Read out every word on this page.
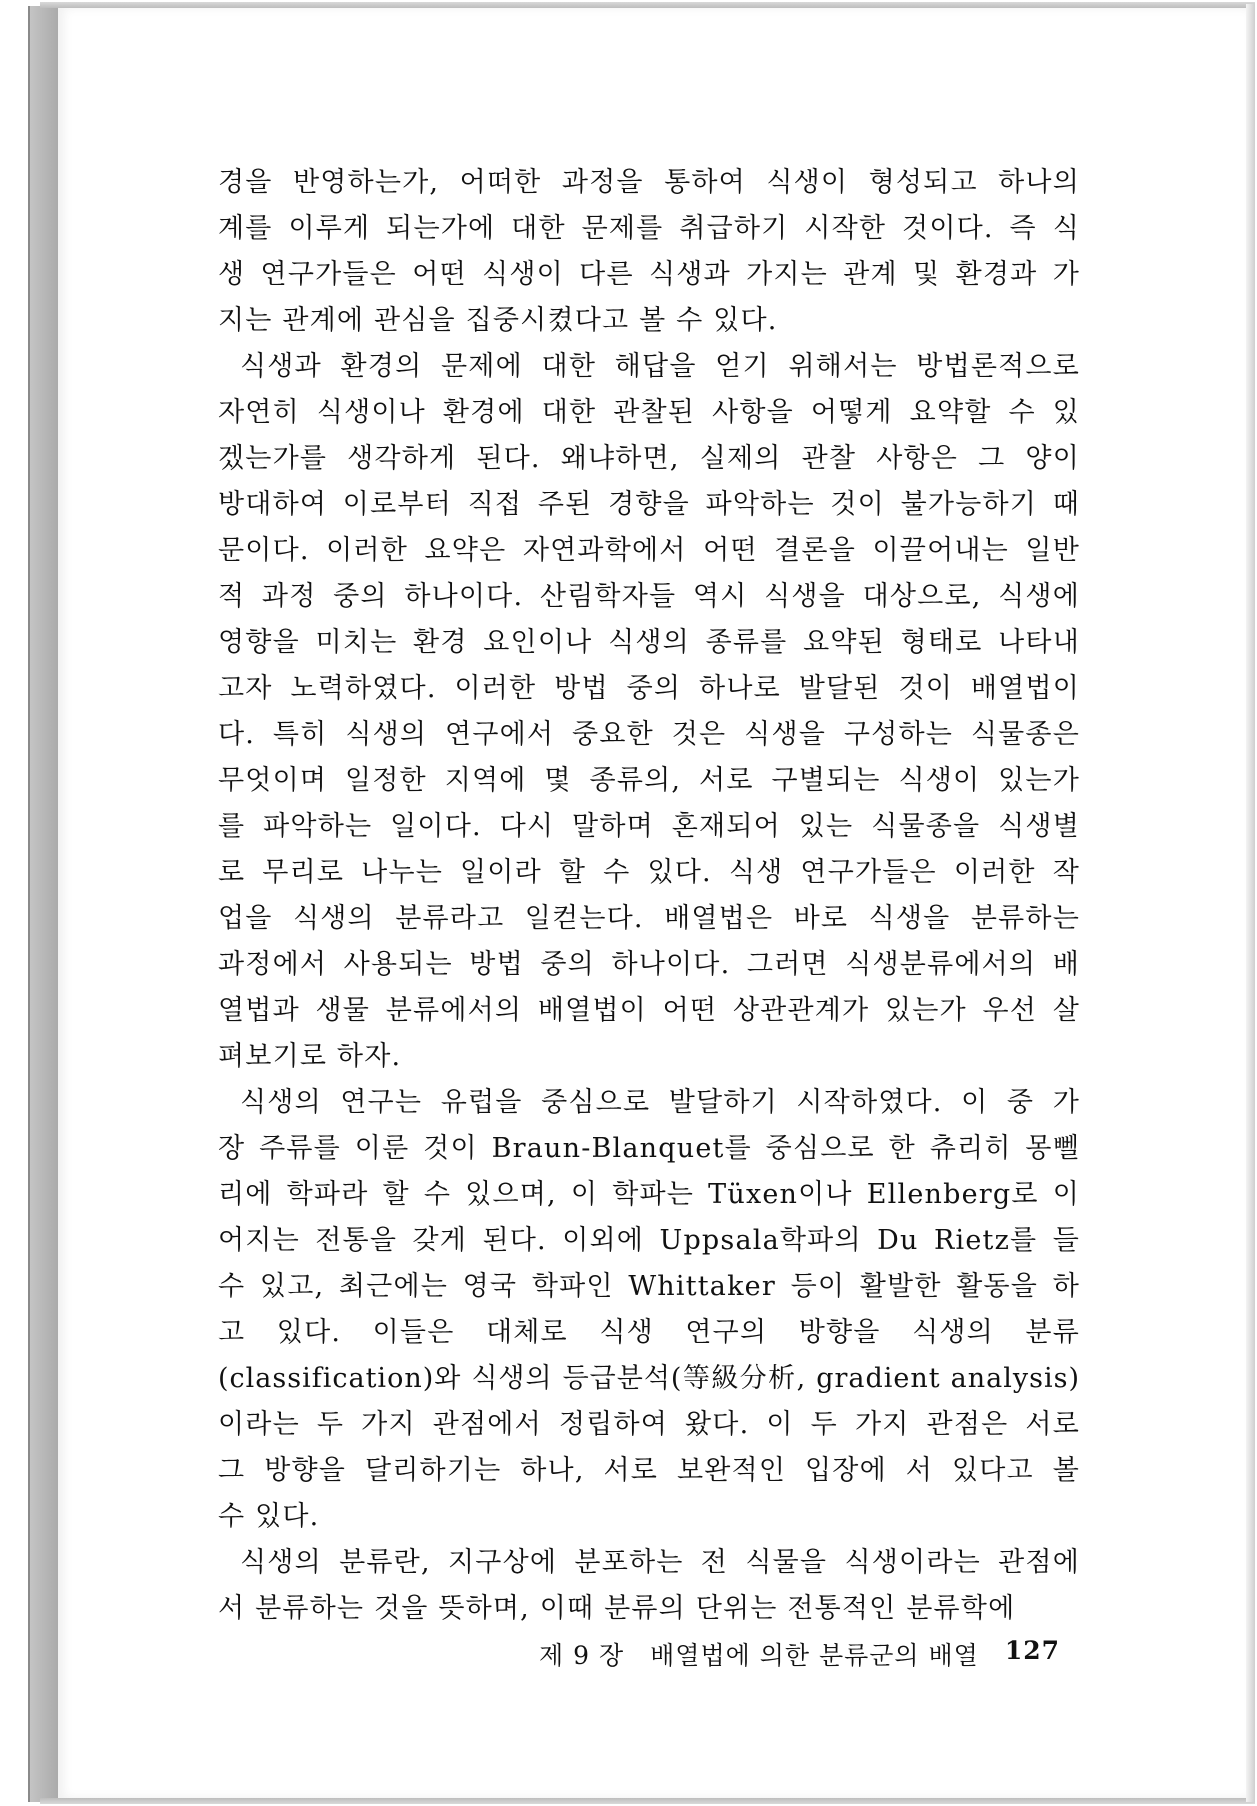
경을 반영하는가, 어떠한 과정을 통하여 식생이 형성되고 하나의
계를 이루게 되는가에 대한 문제를 취급하기 시작한 것이다. 즉 식
생 연구가들은 어떤 식생이 다른 식생과 가지는 관계 및 환경과 가
지는 관계에 관심을 집중시켰다고 볼 수 있다.
식생과 환경의 문제에 대한 해답을 얻기 위해서는 방법론적으로
자연히 식생이나 환경에 대한 관찰된 사항을 어떻게 요약할 수 있
겠는가를 생각하게 된다. 왜냐하면, 실제의 관찰 사항은 그 양이
방대하여 이로부터 직접 주된 경향을 파악하는 것이 불가능하기 때
문이다. 이러한 요약은 자연과학에서 어떤 결론을 이끌어내는 일반
적 과정 중의 하나이다. 산림학자들 역시 식생을 대상으로, 식생에
영향을 미치는 환경 요인이나 식생의 종류를 요약된 형태로 나타내
고자 노력하였다. 이러한 방법 중의 하나로 발달된 것이 배열법이
다. 특히 식생의 연구에서 중요한 것은 식생을 구성하는 식물종은
무엇이며 일정한 지역에 몇 종류의, 서로 구별되는 식생이 있는가
를 파악하는 일이다. 다시 말하며 혼재되어 있는 식물종을 식생별
로 무리로 나누는 일이라 할 수 있다. 식생 연구가들은 이러한 작
업을 식생의 분류라고 일컫는다. 배열법은 바로 식생을 분류하는
과정에서 사용되는 방법 중의 하나이다. 그러면 식생분류에서의 배
열법과 생물 분류에서의 배열법이 어떤 상관관계가 있는가 우선 살
펴보기로 하자.
식생의 연구는 유럽을 중심으로 발달하기 시작하였다. 이 중 가
장 주류를 이룬 것이 Braun-Blanquet를 중심으로 한 츄리히 몽뻴
리에 학파라 할 수 있으며, 이 학파는 Tüxen이나 Ellenberg로 이
어지는 전통을 갖게 된다. 이외에 Uppsala학파의 Du Rietz를 들
수 있고, 최근에는 영국 학파인 Whittaker 등이 활발한 활동을 하
고 있다. 이들은 대체로 식생 연구의 방향을 식생의 분류
(classification)와 식생의 등급분석(等級分析, gradient analysis)
이라는 두 가지 관점에서 정립하여 왔다. 이 두 가지 관점은 서로
그 방향을 달리하기는 하나, 서로 보완적인 입장에 서 있다고 볼
수 있다.
식생의 분류란, 지구상에 분포하는 전 식물을 식생이라는 관점에
서 분류하는 것을 뜻하며, 이때 분류의 단위는 전통적인 분류학에
제 9 장 배열법에 의한 분류군의 배열 127
